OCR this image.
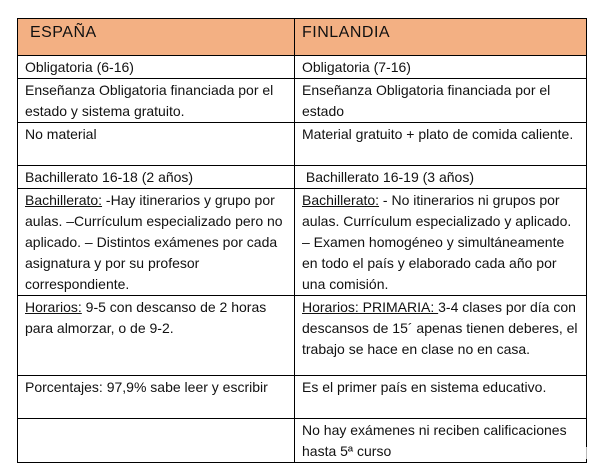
ESPAÑA	FINLANDIA
Obligatoria (6-16)	Obligatoria (7-16)
Enseñanza Obligatoria financiada por el estado y sistema gratuito.	Enseñanza Obligatoria financiada por el estado
No material	Material gratuito + plato de comida caliente.
Bachillerato 16-18 (2 años)	Bachillerato 16-19 (3 años)
Bachillerato: -Hay itinerarios y grupo por aulas. –Currículum especializado pero no aplicado. – Distintos exámenes por cada asignatura y por su profesor correspondiente.	Bachillerato: - No itinerarios ni grupos por aulas. Currículum especializado y aplicado. – Examen homogéneo y simultáneamente en todo el país y elaborado cada año por una comisión.
Horarios: 9-5 con descanso de 2 horas para almorzar, o de 9-2.	Horarios: PRIMARIA: 3-4 clases por día con descansos de 15´ apenas tienen deberes, el trabajo se hace en clase no en casa.
Porcentajes: 97,9% sabe leer y escribir	Es el primer país en sistema educativo.
	No hay exámenes ni reciben calificaciones hasta 5ª curso
